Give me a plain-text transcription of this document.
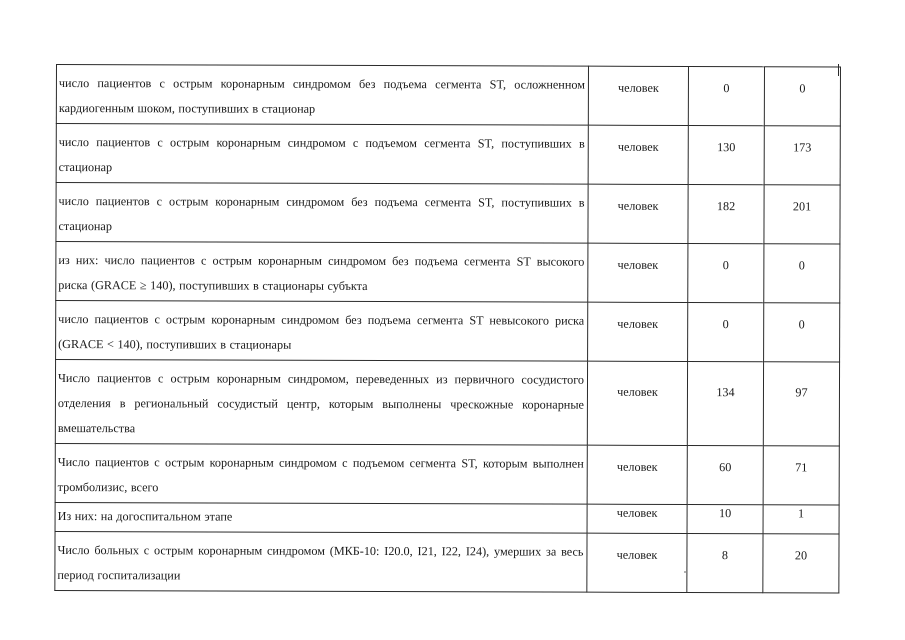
число пациентов с острым коронарным синдромом без подъема сегмента ST, осложненном кардиогенным шоком, поступивших в стационар	человек	0	0
число пациентов с острым коронарным синдромом с подъемом сегмента ST, поступивших в стационар	человек	130	173
число пациентов с острым коронарным синдромом без подъема сегмента ST, поступивших в стационар	человек	182	201
из них: число пациентов с острым коронарным синдромом без подъема сегмента ST высокого риска (GRACE ≥ 140), поступивших в стационары субъкта	человек	0	0
число пациентов с острым коронарным синдромом без подъема сегмента ST невысокого риска (GRACE < 140), поступивших в стационары	человек	0	0
Число пациентов с острым коронарным синдромом, переведенных из первичного сосудистого отделения в региональный сосудистый центр, которым выполнены чрескожные коронарные вмешательства	человек	134	97
Число пациентов с острым коронарным синдромом с подъемом сегмента ST, которым выполнен тромболизис, всего	человек	60	71
Из них: на догоспитальном этапе	человек	10	1
Число больных с острым коронарным синдромом (МКБ-10: I20.0, I21, I22, I24), умерших за весь период госпитализации	человек	8	20
